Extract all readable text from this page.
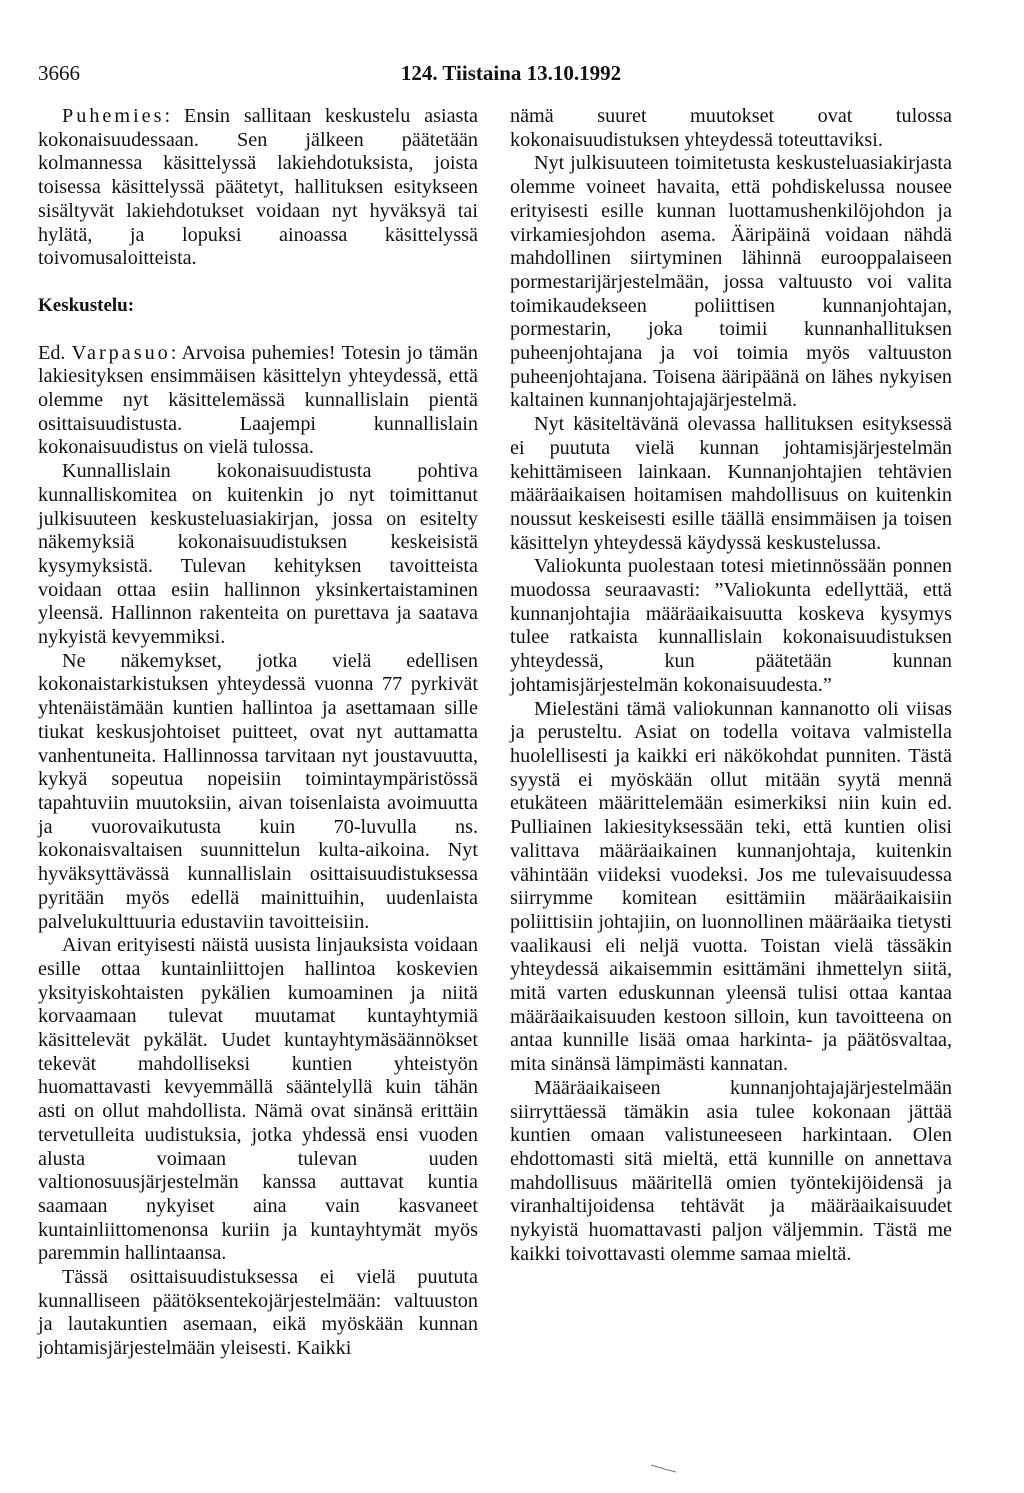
3666	124. Tiistaina 13.10.1992

Puhemies: Ensin sallitaan keskustelu asiasta kokonaisuudessaan. Sen jälkeen päätetään kolmannessa käsittelyssä lakiehdotuksista, joista toisessa käsittelyssä päätetyt, hallituksen esitykseen sisältyvät lakiehdotukset voidaan nyt hyväksyä tai hylätä, ja lopuksi ainoassa käsittelyssä toivomusaloitteista.

Keskustelu:

Ed. Varpasuo: Arvoisa puhemies! Totesin jo tämän lakiesityksen ensimmäisen käsittelyn yhteydessä, että olemme nyt käsittelemässä kunnallislain pientä osittaisuudistusta. Laajempi kunnallislain kokonaisuudistus on vielä tulossa.

Kunnallislain kokonaisuudistusta pohtiva kunnalliskomitea on kuitenkin jo nyt toimittanut julkisuuteen keskusteluasiakirjan, jossa on esitelty näkemyksiä kokonaisuudistuksen keskeisistä kysymyksistä. Tulevan kehityksen tavoitteista voidaan ottaa esiin hallinnon yksinkertaistaminen yleensä. Hallinnon rakenteita on purettava ja saatava nykyistä kevyemmiksi.

Ne näkemykset, jotka vielä edellisen kokonaistarkistuksen yhteydessä vuonna 77 pyrkivät yhtenäistämään kuntien hallintoa ja asettamaan sille tiukat keskusjohtoiset puitteet, ovat nyt auttamatta vanhentuneita. Hallinnossa tarvitaan nyt joustavuutta, kykyä sopeutua nopeisiin toimintaympäristössä tapahtuviin muutoksiin, aivan toisenlaista avoimuutta ja vuorovaikutusta kuin 70-luvulla ns. kokonaisvaltaisen suunnittelun kulta-aikoina. Nyt hyväksyttävässä kunnallislain osittaisuudistuksessa pyritään myös edellä mainittuihin, uudenlaista palvelukulttuuria edustaviin tavoitteisiin.

Aivan erityisesti näistä uusista linjauksista voidaan esille ottaa kuntainliittojen hallintoa koskevien yksityiskohtaisten pykälien kumoaminen ja niitä korvaamaan tulevat muutamat kuntayhtymiä käsittelevät pykälät. Uudet kuntayhtymäsäännökset tekevät mahdolliseksi kuntien yhteistyön huomattavasti kevyemmällä sääntelyllä kuin tähän asti on ollut mahdollista. Nämä ovat sinänsä erittäin tervetulleita uudistuksia, jotka yhdessä ensi vuoden alusta voimaan tulevan uuden valtionosuusjärjestelmän kanssa auttavat kuntia saamaan nykyiset aina vain kasvaneet kuntainliittomenonsa kuriin ja kuntayhtymät myös paremmin hallintaansa.

Tässä osittaisuudistuksessa ei vielä puututa kunnalliseen päätöksentekojärjestelmään: valtuuston ja lautakuntien asemaan, eikä myöskään kunnan johtamisjärjestelmään yleisesti. Kaikki

nämä suuret muutokset ovat tulossa kokonaisuudistuksen yhteydessä toteuttaviksi.

Nyt julkisuuteen toimitetusta keskusteluasiakirjasta olemme voineet havaita, että pohdiskelussa nousee erityisesti esille kunnan luottamushenkilöjohdon ja virkamiesjohdon asema. Ääripäinä voidaan nähdä mahdollinen siirtyminen lähinnä eurooppalaiseen pormestarijärjestelmään, jossa valtuusto voi valita toimikaudekseen poliittisen kunnanjohtajan, pormestarin, joka toimii kunnanhallituksen puheenjohtajana ja voi toimia myös valtuuston puheenjohtajana. Toisena ääripäänä on lähes nykyisen kaltainen kunnanjohtajajärjestelmä.

Nyt käsiteltävänä olevassa hallituksen esityksessä ei puututa vielä kunnan johtamisjärjestelmän kehittämiseen lainkaan. Kunnanjohtajien tehtävien määräaikaisen hoitamisen mahdollisuus on kuitenkin noussut keskeisesti esille täällä ensimmäisen ja toisen käsittelyn yhteydessä käydyssä keskustelussa.

Valiokunta puolestaan totesi mietinnössään ponnen muodossa seuraavasti: ”Valiokunta edellyttää, että kunnanjohtajia määräaikaisuutta koskeva kysymys tulee ratkaista kunnallislain kokonaisuudistuksen yhteydessä, kun päätetään kunnan johtamisjärjestelmän kokonaisuudesta.”

Mielestäni tämä valiokunnan kannanotto oli viisas ja perusteltu. Asiat on todella voitava valmistella huolellisesti ja kaikki eri näkökohdat punniten. Tästä syystä ei myöskään ollut mitään syytä mennä etukäteen määrittelemään esimerkiksi niin kuin ed. Pulliainen lakiesityksessään teki, että kuntien olisi valittava määräaikainen kunnanjohtaja, kuitenkin vähintään viideksi vuodeksi. Jos me tulevaisuudessa siirrymme komitean esittämiin määräaikaisiin poliittisiin johtajiin, on luonnollinen määräaika tietysti vaalikausi eli neljä vuotta. Toistan vielä tässäkin yhteydessä aikaisemmin esittämäni ihmettelyn siitä, mitä varten eduskunnan yleensä tulisi ottaa kantaa määräaikaisuuden kestoon silloin, kun tavoitteena on antaa kunnille lisää omaa harkinta- ja päätösvaltaa, mita sinänsä lämpimästi kannatan.

Määräaikaiseen kunnanjohtajajärjestelmään siirryttäessä tämäkin asia tulee kokonaan jättää kuntien omaan valistuneeseen harkintaan. Olen ehdottomasti sitä mieltä, että kunnille on annettava mahdollisuus määritellä omien työntekijöidensä ja viranhaltijoidensa tehtävät ja määräaikaisuudet nykyistä huomattavasti paljon väljemmin. Tästä me kaikki toivottavasti olemme samaa mieltä.
